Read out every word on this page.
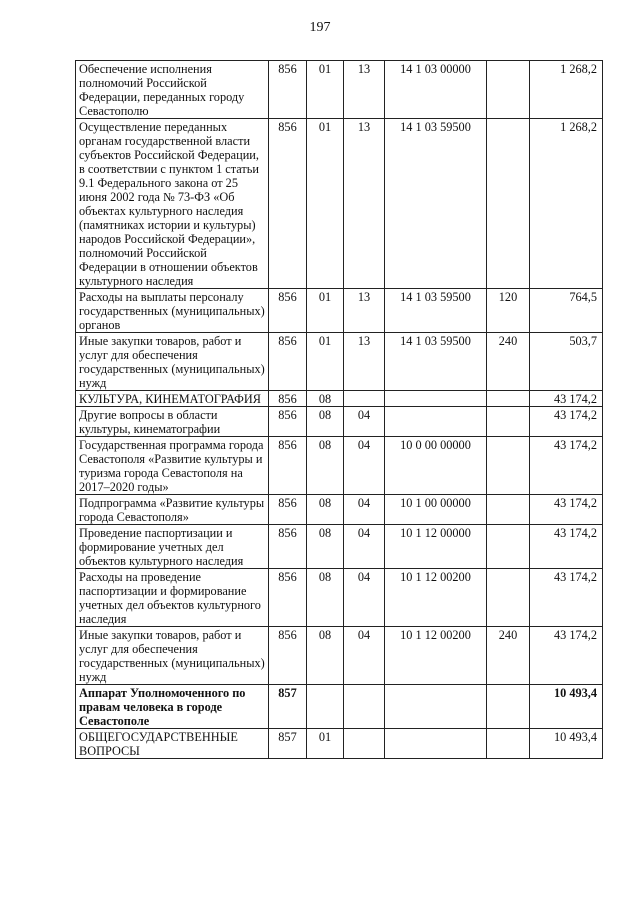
197
Обеспечение исполнения полномочий Российской Федерации, переданных городу Севастополю	856	01	13	14 1 03 00000		1 268,2
Осуществление переданных органам государственной власти субъектов Российской Федерации, в соответствии с пунктом 1 статьи 9.1 Федерального закона от 25 июня 2002 года № 73-ФЗ «Об объектах культурного наследия (памятниках истории и культуры) народов Российской Федерации», полномочий Российской Федерации в отношении объектов культурного наследия	856	01	13	14 1 03 59500		1 268,2
Расходы на выплаты персоналу государственных (муниципальных) органов	856	01	13	14 1 03 59500	120	764,5
Иные закупки товаров, работ и услуг для обеспечения государственных (муниципальных) нужд	856	01	13	14 1 03 59500	240	503,7
КУЛЬТУРА, КИНЕМАТОГРАФИЯ	856	08				43 174,2
Другие вопросы в области культуры, кинематографии	856	08	04			43 174,2
Государственная программа города Севастополя «Развитие культуры и туризма города Севастополя на 2017–2020 годы»	856	08	04	10 0 00 00000		43 174,2
Подпрограмма «Развитие культуры города Севастополя»	856	08	04	10 1 00 00000		43 174,2
Проведение паспортизации и формирование учетных дел объектов культурного наследия	856	08	04	10 1 12 00000		43 174,2
Расходы на проведение паспортизации и формирование учетных дел объектов культурного наследия	856	08	04	10 1 12 00200		43 174,2
Иные закупки товаров, работ и услуг для обеспечения государственных (муниципальных) нужд	856	08	04	10 1 12 00200	240	43 174,2
Аппарат Уполномоченного по правам человека в городе Севастополе	857					10 493,4
ОБЩЕГОСУДАРСТВЕННЫЕ ВОПРОСЫ	857	01				10 493,4
